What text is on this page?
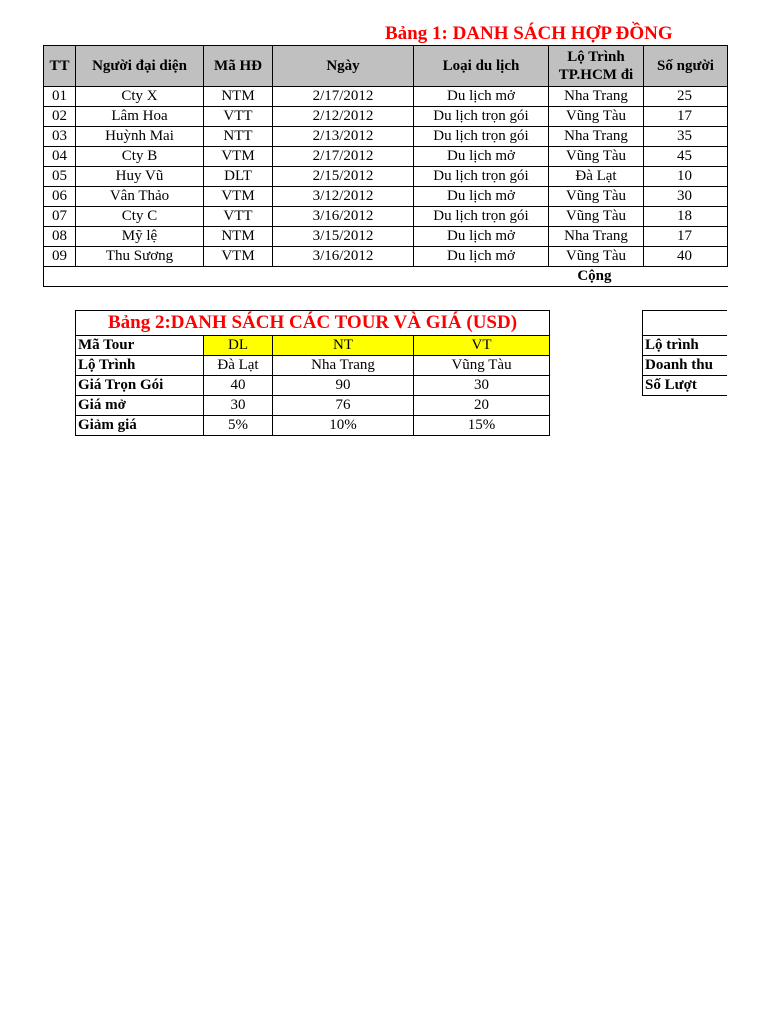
Bảng 1: DANH SÁCH HỢP ĐỒNG
TT	Người đại diện	Mã HĐ	Ngày	Loại du lịch	Lộ Trình TP.HCM đi	Số người
01	Cty X	NTM	2/17/2012	Du lịch mở	Nha Trang	25
02	Lâm Hoa	VTT	2/12/2012	Du lịch trọn gói	Vũng Tàu	17
03	Huỳnh Mai	NTT	2/13/2012	Du lịch trọn gói	Nha Trang	35
04	Cty B	VTM	2/17/2012	Du lịch mở	Vũng Tàu	45
05	Huy Vũ	DLT	2/15/2012	Du lịch trọn gói	Đà Lạt	10
06	Vân Thảo	VTM	3/12/2012	Du lịch mở	Vũng Tàu	30
07	Cty C	VTT	3/16/2012	Du lịch trọn gói	Vũng Tàu	18
08	Mỹ lệ	NTM	3/15/2012	Du lịch mở	Nha Trang	17
09	Thu Sương	VTM	3/16/2012	Du lịch mở	Vũng Tàu	40
Cộng						
Bảng 2:DANH SÁCH CÁC TOUR VÀ GIÁ (USD)			
Mã Tour	DL	NT	VT
Lộ Trình	Đà Lạt	Nha Trang	Vũng Tàu
Giá Trọn Gói	40	90	30
Giá mở	30	76	20
Giảm giá	5%	10%	15%

Lộ trình
Doanh thu
Số Lượt
